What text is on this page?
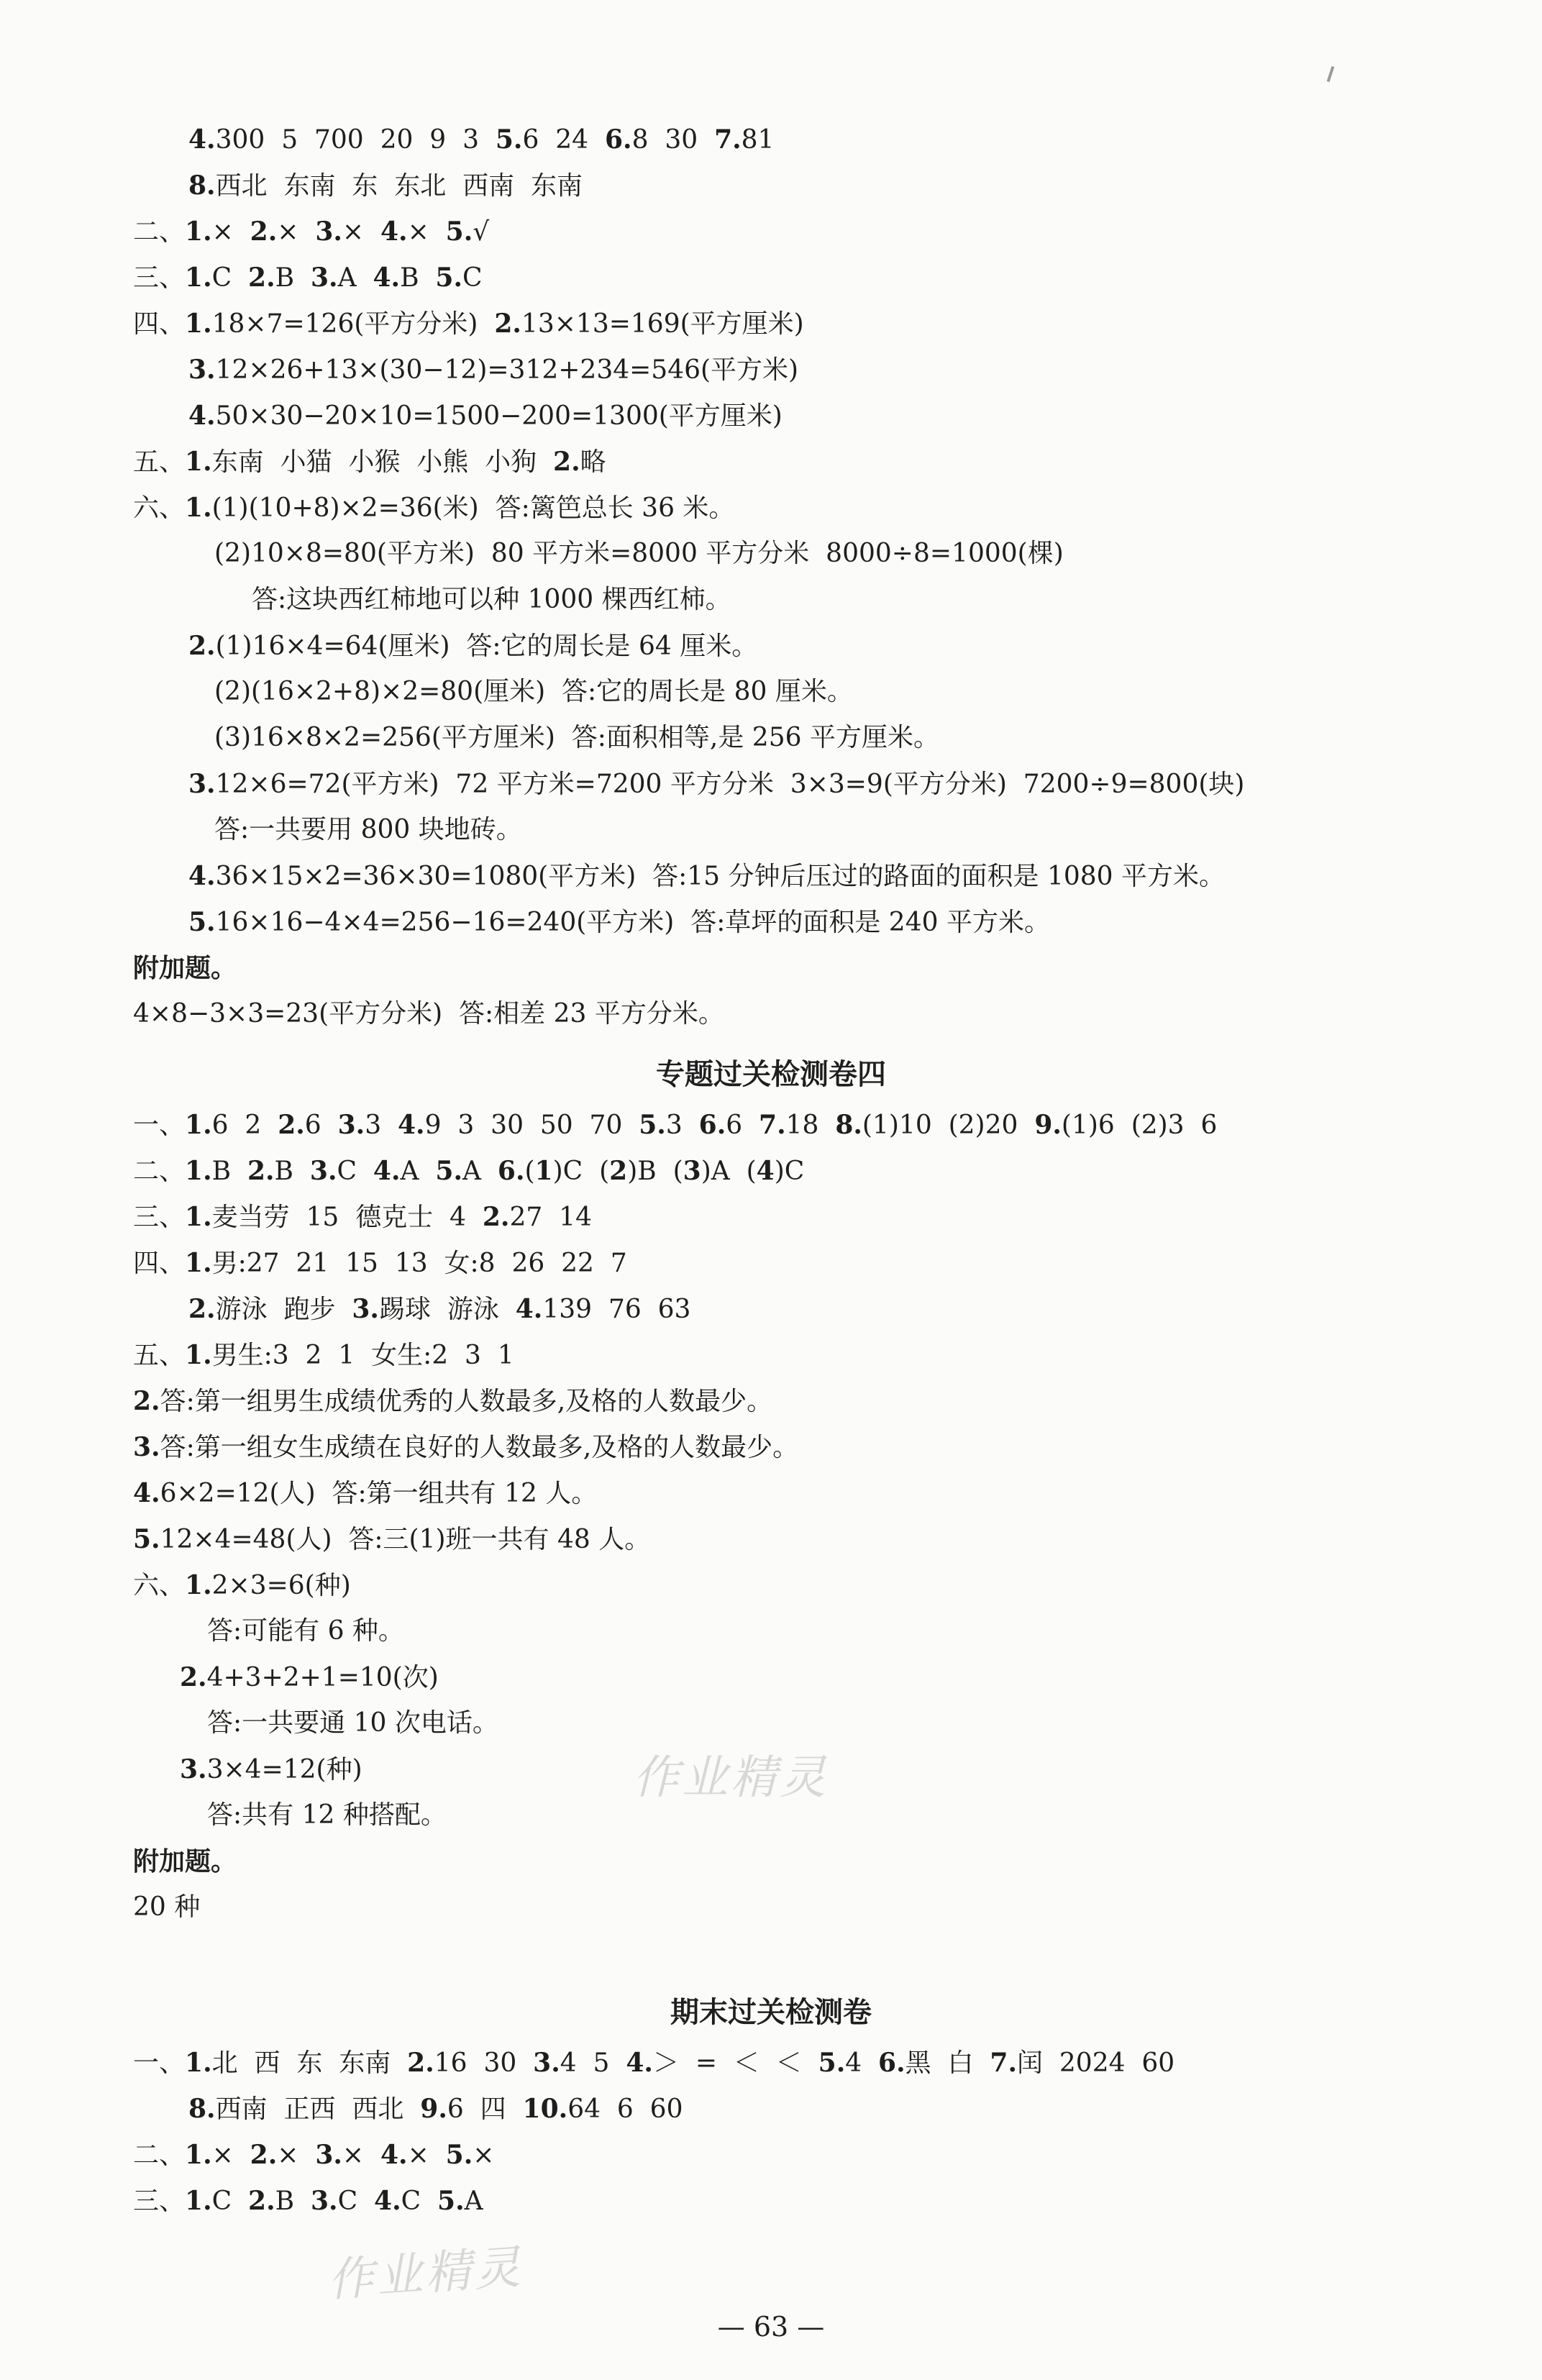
4.300  5  700  20  9  3  5.6  24  6.8  30  7.81
8.西北  东南  东  东北  西南  东南
二、1.×  2.×  3.×  4.×  5.√
三、1.C  2.B  3.A  4.B  5.C
四、1.18×7=126(平方分米)  2.13×13=169(平方厘米)
3.12×26+13×(30−12)=312+234=546(平方米)
4.50×30−20×10=1500−200=1300(平方厘米)
五、1.东南  小猫  小猴  小熊  小狗  2.略
六、1.(1)(10+8)×2=36(米)  答:篱笆总长 36 米。
(2)10×8=80(平方米)  80 平方米=8000 平方分米  8000÷8=1000(棵)
答:这块西红柿地可以种 1000 棵西红柿。
2.(1)16×4=64(厘米)  答:它的周长是 64 厘米。
(2)(16×2+8)×2=80(厘米)  答:它的周长是 80 厘米。
(3)16×8×2=256(平方厘米)  答:面积相等,是 256 平方厘米。
3.12×6=72(平方米)  72 平方米=7200 平方分米  3×3=9(平方分米)  7200÷9=800(块)
答:一共要用 800 块地砖。
4.36×15×2=36×30=1080(平方米)  答:15 分钟后压过的路面的面积是 1080 平方米。
5.16×16−4×4=256−16=240(平方米)  答:草坪的面积是 240 平方米。
附加题。
4×8−3×3=23(平方分米)  答:相差 23 平方分米。
一、1.6  2  2.6  3.3  4.9  3  30  50  70  5.3  6.6  7.18  8.(1)10  (2)20  9.(1)6  (2)3  6
二、1.B  2.B  3.C  4.A  5.A  6.(1)C  (2)B  (3)A  (4)C
三、1.麦当劳  15  德克士  4  2.27  14
四、1.男:27  21  15  13  女:8  26  22  7
2.游泳  跑步  3.踢球  游泳  4.139  76  63
五、1.男生:3  2  1  女生:2  3  1
2.答:第一组男生成绩优秀的人数最多,及格的人数最少。
3.答:第一组女生成绩在良好的人数最多,及格的人数最少。
4.6×2=12(人)  答:第一组共有 12 人。
5.12×4=48(人)  答:三(1)班一共有 48 人。
六、1.2×3=6(种)
答:可能有 6 种。
2.4+3+2+1=10(次)
答:一共要通 10 次电话。
3.3×4=12(种)
答:共有 12 种搭配。
附加题。
20 种
一、1.北  西  东  东南  2.16  30  3.4  5  4.＞  =  ＜  ＜  5.4  6.黑  白  7.闰  2024  60
8.西南  正西  西北  9.6  四  10.64  6  60
二、1.×  2.×  3.×  4.×  5.×
三、1.C  2.B  3.C  4.C  5.A
专题过关检测卷四
期末过关检测卷
作业精灵
作业精灵
— 63 —
